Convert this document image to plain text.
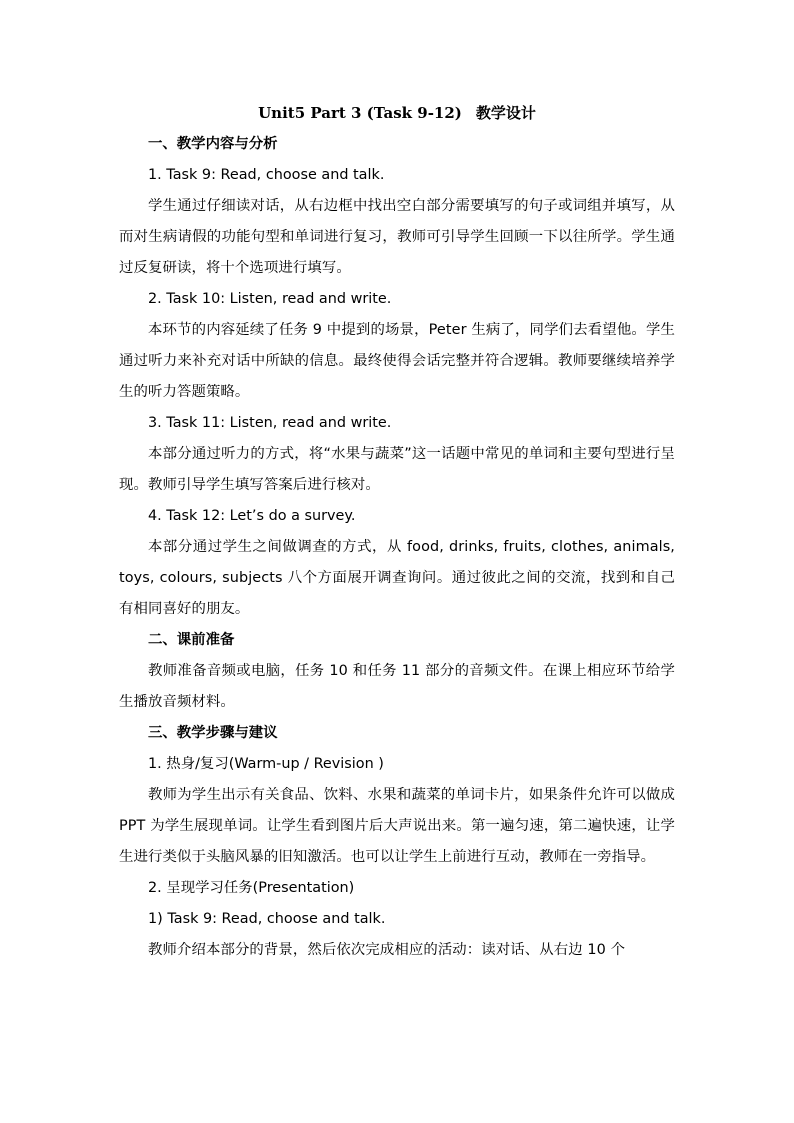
Unit5 Part 3 (Task 9-12) 教学设计

一、教学内容与分析

1. Task 9: Read, choose and talk.

学生通过仔细读对话，从右边框中找出空白部分需要填写的句子或词组并填写，从而对生病请假的功能句型和单词进行复习，教师可引导学生回顾一下以往所学。学生通过反复研读，将十个选项进行填写。

2. Task 10: Listen, read and write.

本环节的内容延续了任务 9 中提到的场景，Peter 生病了，同学们去看望他。学生通过听力来补充对话中所缺的信息。最终使得会话完整并符合逻辑。教师要继续培养学生的听力答题策略。

3. Task 11: Listen, read and write.

本部分通过听力的方式，将“水果与蔬菜”这一话题中常见的单词和主要句型进行呈现。教师引导学生填写答案后进行核对。

4. Task 12: Let’s do a survey.

本部分通过学生之间做调查的方式，从 food, drinks, fruits, clothes, animals, toys, colours, subjects 八个方面展开调查询问。通过彼此之间的交流，找到和自己有相同喜好的朋友。

二、课前准备

教师准备音频或电脑，任务 10 和任务 11 部分的音频文件。在课上相应环节给学生播放音频材料。

三、教学步骤与建议

1. 热身/复习(Warm-up / Revision )

教师为学生出示有关食品、饮料、水果和蔬菜的单词卡片，如果条件允许可以做成 PPT 为学生展现单词。让学生看到图片后大声说出来。第一遍匀速，第二遍快速，让学生进行类似于头脑风暴的旧知激活。也可以让学生上前进行互动，教师在一旁指导。

2. 呈现学习任务(Presentation)

1) Task 9: Read, choose and talk.

教师介绍本部分的背景，然后依次完成相应的活动：读对话、从右边 10 个
